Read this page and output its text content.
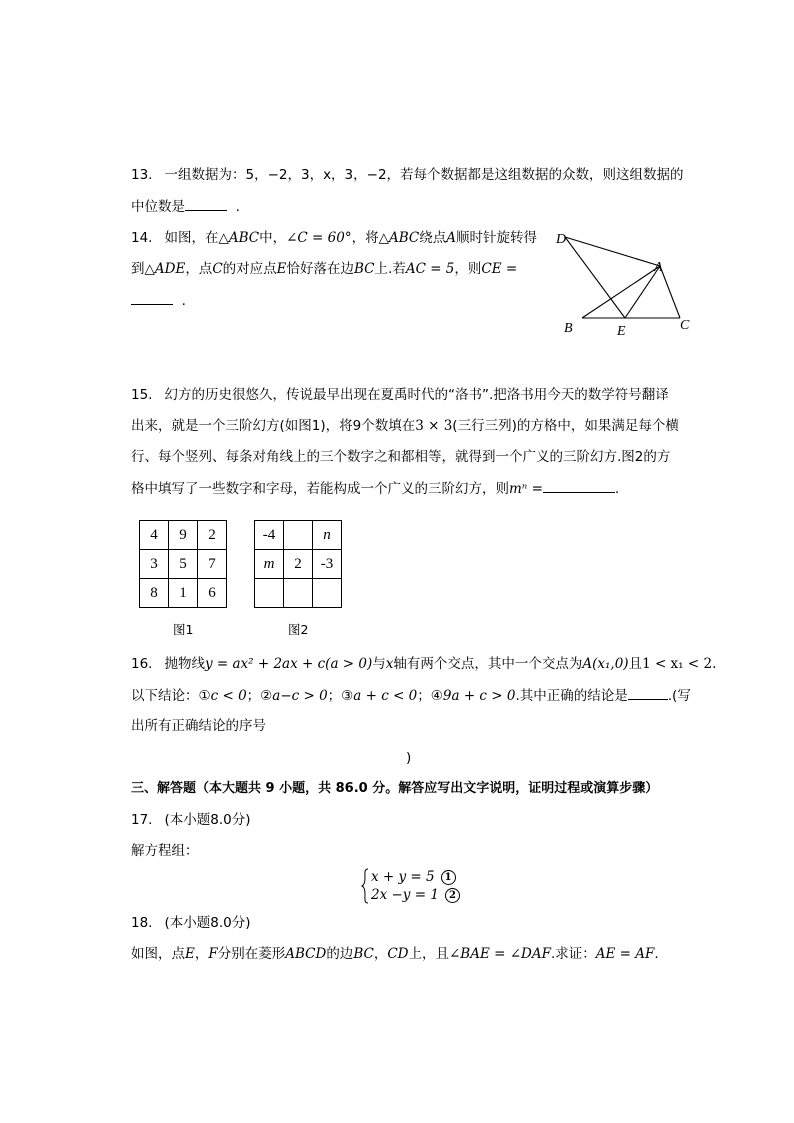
13. 一组数据为：5，−2，3，x，3，−2，若每个数据都是这组数据的众数，则这组数据的
中位数是	.
14. 如图，在△ABC中，∠C = 60°，将△ABC绕点A顺时针旋转得
到△ADE，点C的对应点E恰好落在边BC上.若AC = 5，则CE =
.
D
A
B	E	C
15. 幻方的历史很悠久，传说最早出现在夏禹时代的“洛书”.把洛书用今天的数学符号翻译
出来，就是一个三阶幻方(如图1)，将9个数填在3 × 3(三行三列)的方格中，如果满足每个横
行、每个竖列、每条对角线上的三个数字之和都相等，就得到一个广义的三阶幻方.图2的方
格中填写了一些数字和字母，若能构成一个广义的三阶幻方，则mⁿ =	.
4	9	2
3	5	7
8	1	6
图1
-4		n
m	2	-3

图2
16. 抛物线y = ax² + 2ax + c(a > 0)与x轴有两个交点，其中一个交点为A(x₁,0)且1 < x₁ < 2.
以下结论：①c < 0；②a−c > 0；③a + c < 0；④9a + c > 0.其中正确的结论是	.(写
出所有正确结论的序号
)
三、解答题（本大题共 9 小题，共 86.0 分。解答应写出文字说明，证明过程或演算步骤）
17. (本小题8.0分)
解方程组：
x + y = 5 1
2x −y = 1 2
18. (本小题8.0分)
如图，点E，F分别在菱形ABCD的边BC，CD上，且∠BAE = ∠DAF.求证：AE = AF.
